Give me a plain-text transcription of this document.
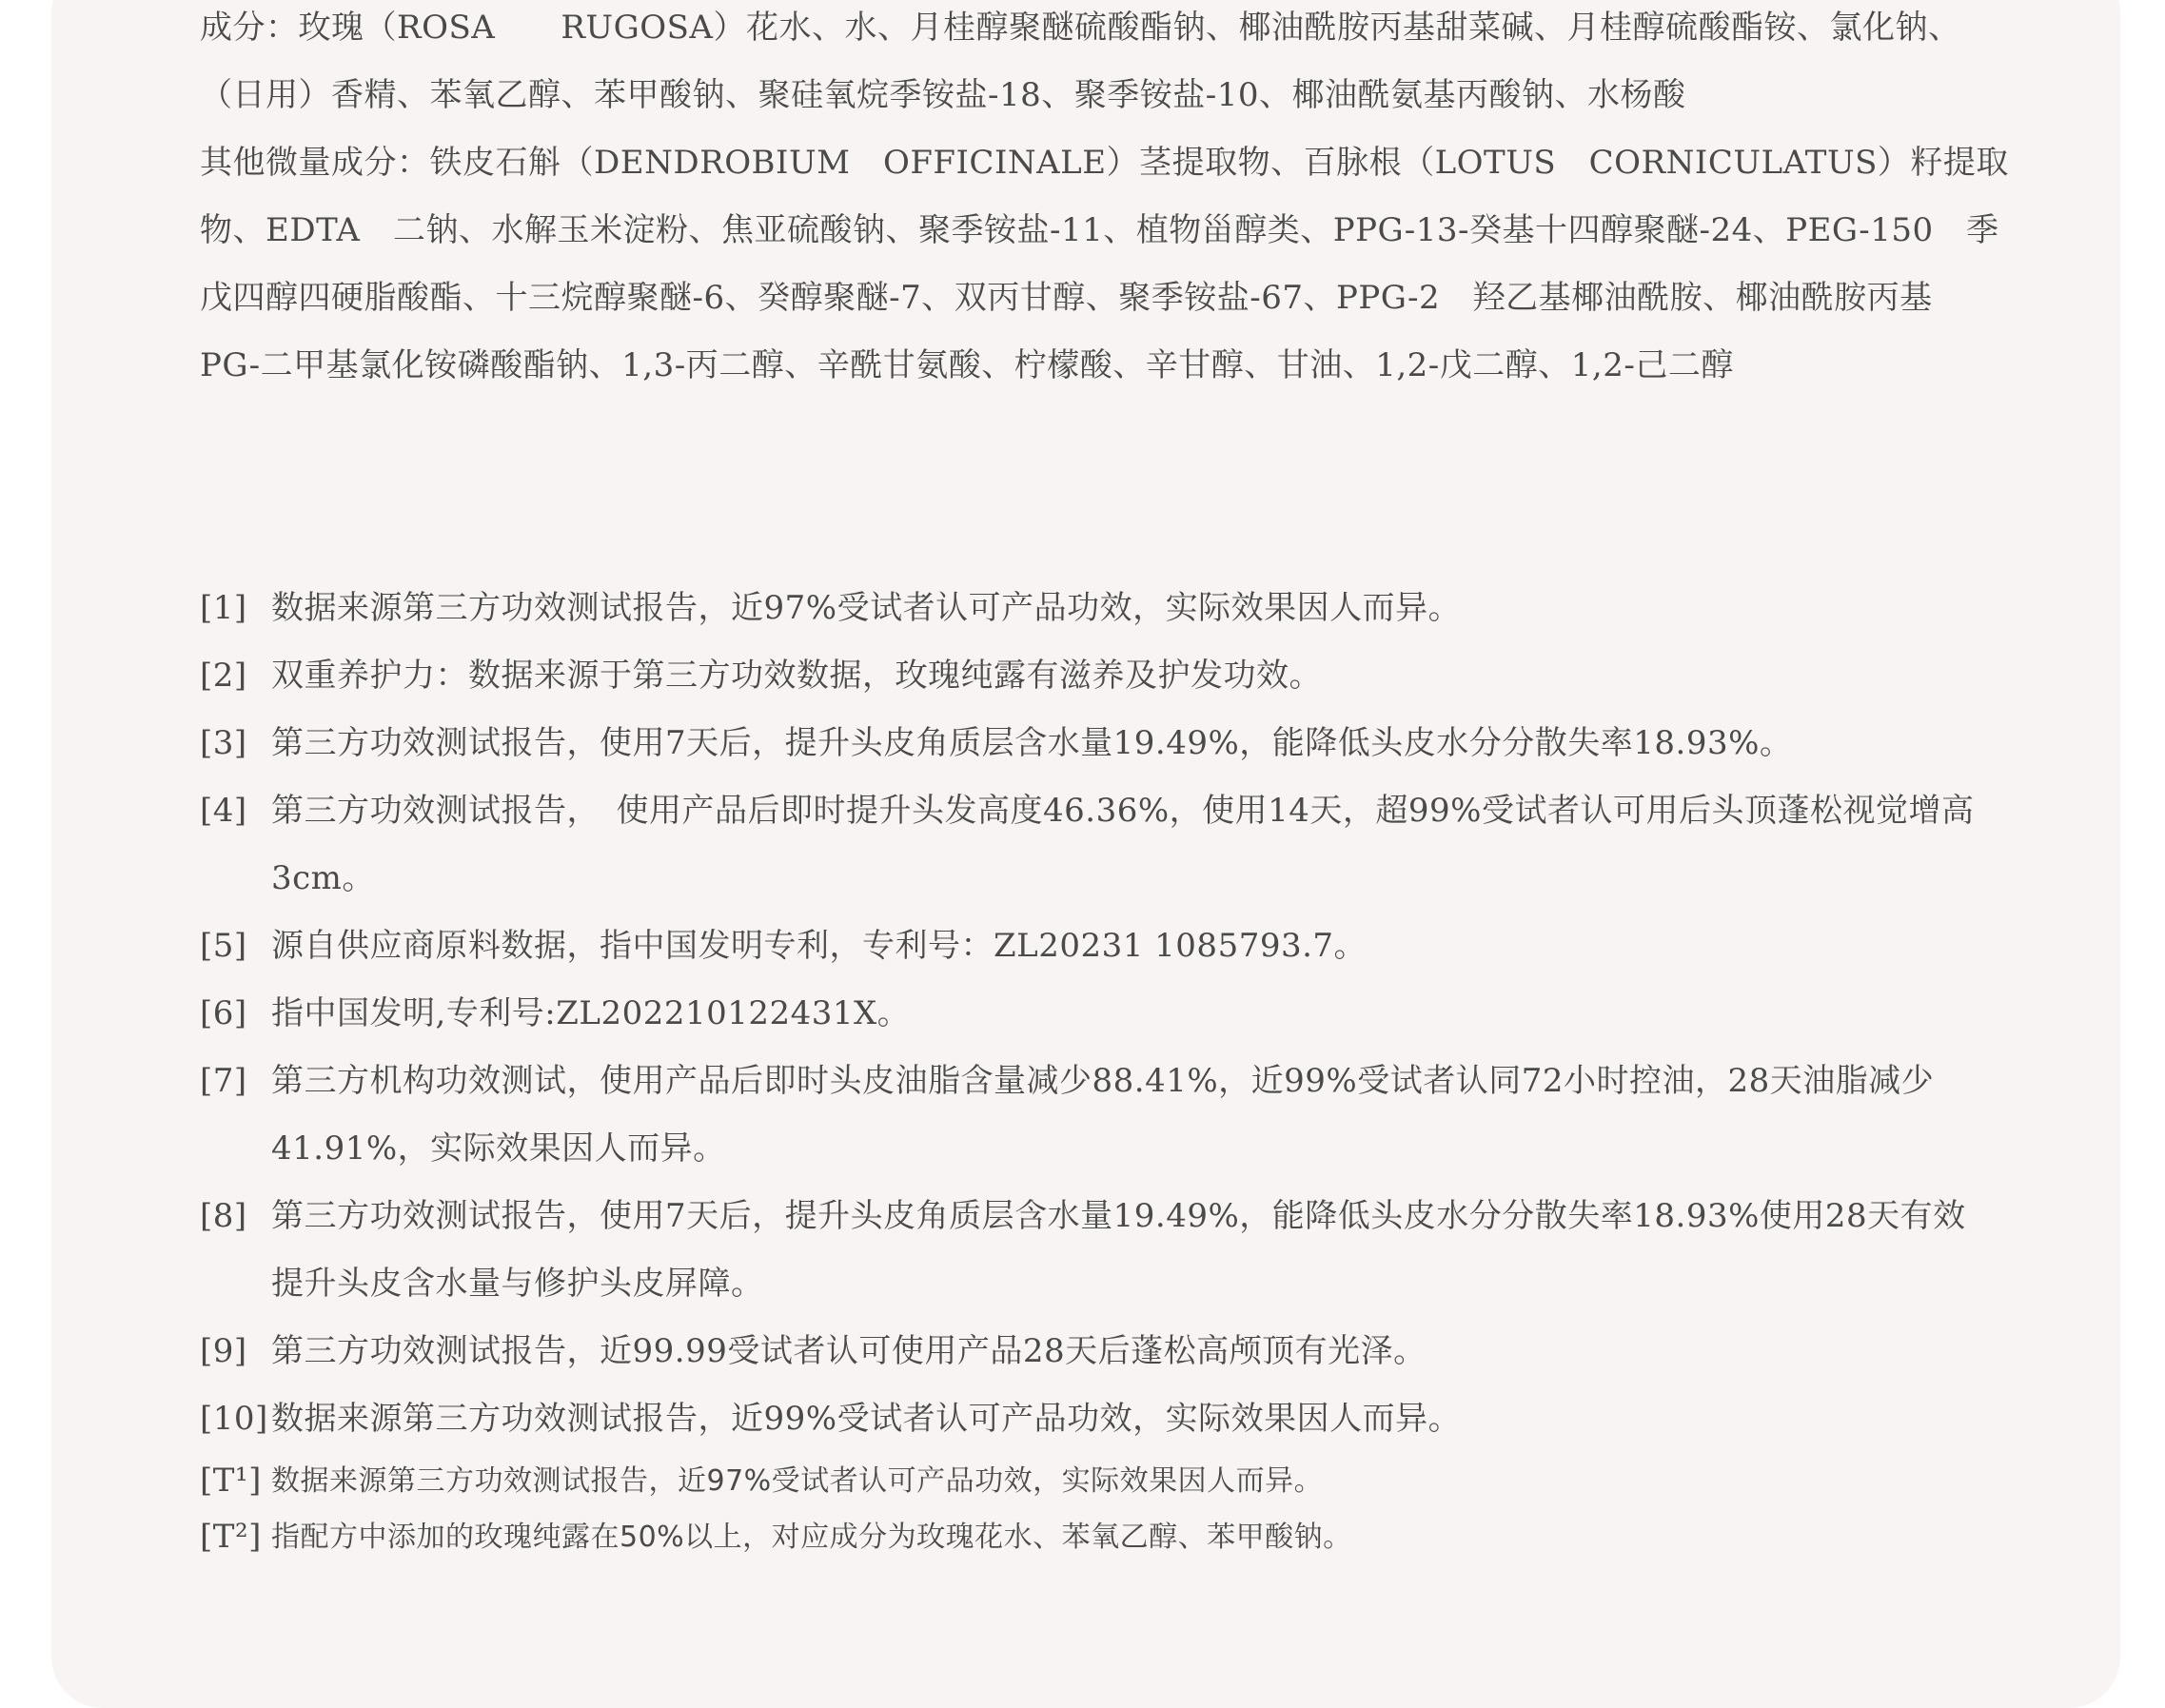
成分：玫瑰（ROSA　　RUGOSA）花水、水、月桂醇聚醚硫酸酯钠、椰油酰胺丙基甜菜碱、月桂醇硫酸酯铵、氯化钠、

（日用）香精、苯氧乙醇、苯甲酸钠、聚硅氧烷季铵盐-18、聚季铵盐-10、椰油酰氨基丙酸钠、水杨酸

其他微量成分：铁皮石斛（DENDROBIUM　OFFICINALE）茎提取物、百脉根（LOTUS　CORNICULATUS）籽提取

物、EDTA　二钠、水解玉米淀粉、焦亚硫酸钠、聚季铵盐-11、植物甾醇类、PPG-13-癸基十四醇聚醚-24、PEG-150　季

戊四醇四硬脂酸酯、十三烷醇聚醚-6、癸醇聚醚-7、双丙甘醇、聚季铵盐-67、PPG-2　羟乙基椰油酰胺、椰油酰胺丙基

PG-二甲基氯化铵磷酸酯钠、1,3-丙二醇、辛酰甘氨酸、柠檬酸、辛甘醇、甘油、1,2-戊二醇、1,2-己二醇

[1] 数据来源第三方功效测试报告，近97%受试者认可产品功效，实际效果因人而异。
[2] 双重养护力：数据来源于第三方功效数据，玫瑰纯露有滋养及护发功效。
[3] 第三方功效测试报告，使用7天后，提升头皮角质层含水量19.49%，能降低头皮水分分散失率18.93%。
[4] 第三方功效测试报告，　使用产品后即时提升头发高度46.36%，使用14天，超99%受试者认可用后头顶蓬松视觉增高3cm。
[5] 源自供应商原料数据，指中国发明专利，专利号：ZL20231 1085793.7。
[6] 指中国发明,专利号:ZL202210122431X。
[7] 第三方机构功效测试，使用产品后即时头皮油脂含量减少88.41%，近99%受试者认同72小时控油，28天油脂减少41.91%，实际效果因人而异。
[8] 第三方功效测试报告，使用7天后，提升头皮角质层含水量19.49%，能降低头皮水分分散失率18.93%使用28天有效提升头皮含水量与修护头皮屏障。
[9] 第三方功效测试报告，近99.99受试者认可使用产品28天后蓬松高颅顶有光泽。
[10] 数据来源第三方功效测试报告，近99%受试者认可产品功效，实际效果因人而异。
[T¹] 数据来源第三方功效测试报告，近97%受试者认可产品功效，实际效果因人而异。
[T²] 指配方中添加的玫瑰纯露在50%以上，对应成分为玫瑰花水、苯氧乙醇、苯甲酸钠。
